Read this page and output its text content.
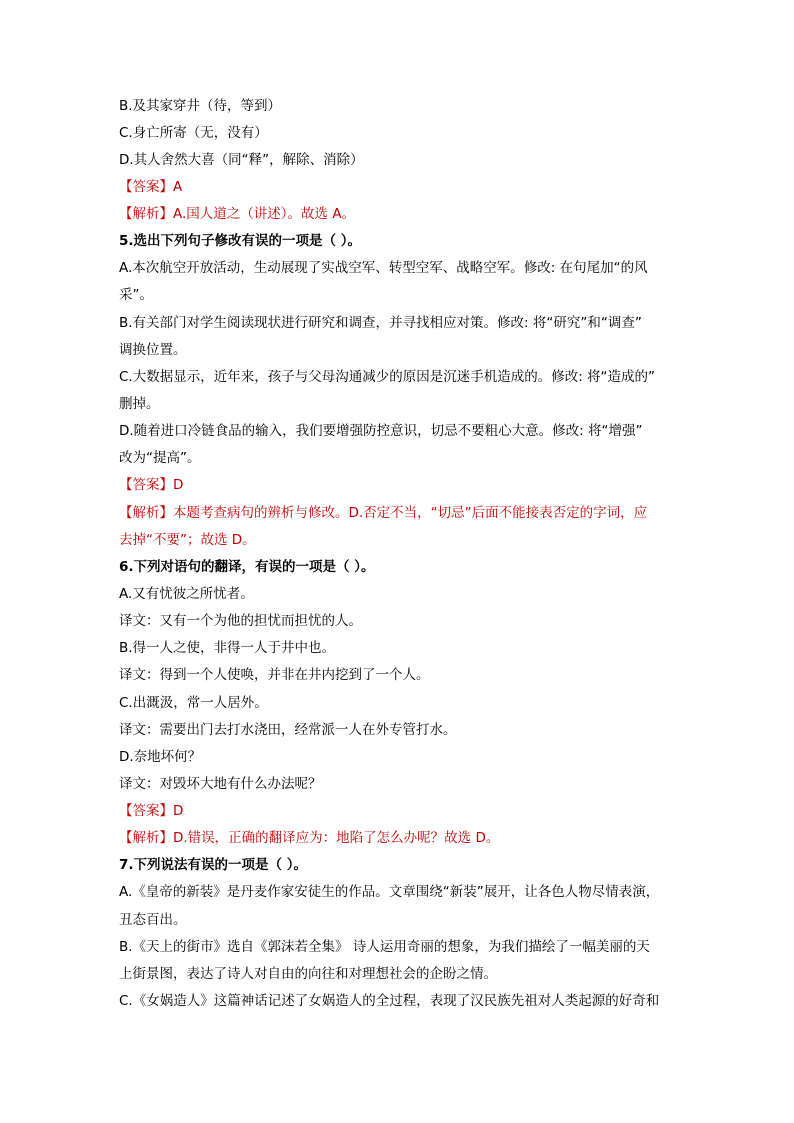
B.及其家穿井（待，等到）
C.身亡所寄（无，没有）
D.其人舍然大喜（同“释”，解除、消除）
【答案】A
【解析】A.国人道之（讲述）。故选 A。
5.选出下列句子修改有误的一项是（ ）。
A.本次航空开放活动，生动展现了实战空军、转型空军、战略空军。修改: 在句尾加“的风
采”。
B.有关部门对学生阅读现状进行研究和调查，并寻找相应对策。修改: 将“研究”和“调查”
调换位置。
C.大数据显示，近年来，孩子与父母沟通减少的原因是沉迷手机造成的。修改: 将“造成的”
删掉。
D.随着进口冷链食品的输入，我们要增强防控意识，切忌不要粗心大意。修改: 将“增强”
改为“提高”。
【答案】D
【解析】本题考查病句的辨析与修改。D.否定不当，“切忌”后面不能接表否定的字词，应
去掉“不要”；故选 D。
6.下列对语句的翻译，有误的一项是（ ）。
A.又有忧彼之所忧者。
译文：又有一个为他的担忧而担忧的人。
B.得一人之使，非得一人于井中也。
译文：得到一个人使唤，并非在井内挖到了一个人。
C.出溉汲，常一人居外。
译文：需要出门去打水浇田，经常派一人在外专管打水。
D.奈地坏何？
译文：对毁坏大地有什么办法呢？
【答案】D
【解析】D.错误，正确的翻译应为：地陷了怎么办呢？故选 D。
7.下列说法有误的一项是（ ）。
A.《皇帝的新装》是丹麦作家安徒生的作品。文章围绕“新装”展开，让各色人物尽情表演，
丑态百出。
B.《天上的街市》选自《郭沫若全集》 诗人运用奇丽的想象，为我们描绘了一幅美丽的天
上街景图，表达了诗人对自由的向往和对理想社会的企盼之情。
C.《女娲造人》这篇神话记述了女娲造人的全过程，表现了汉民族先祖对人类起源的好奇和
